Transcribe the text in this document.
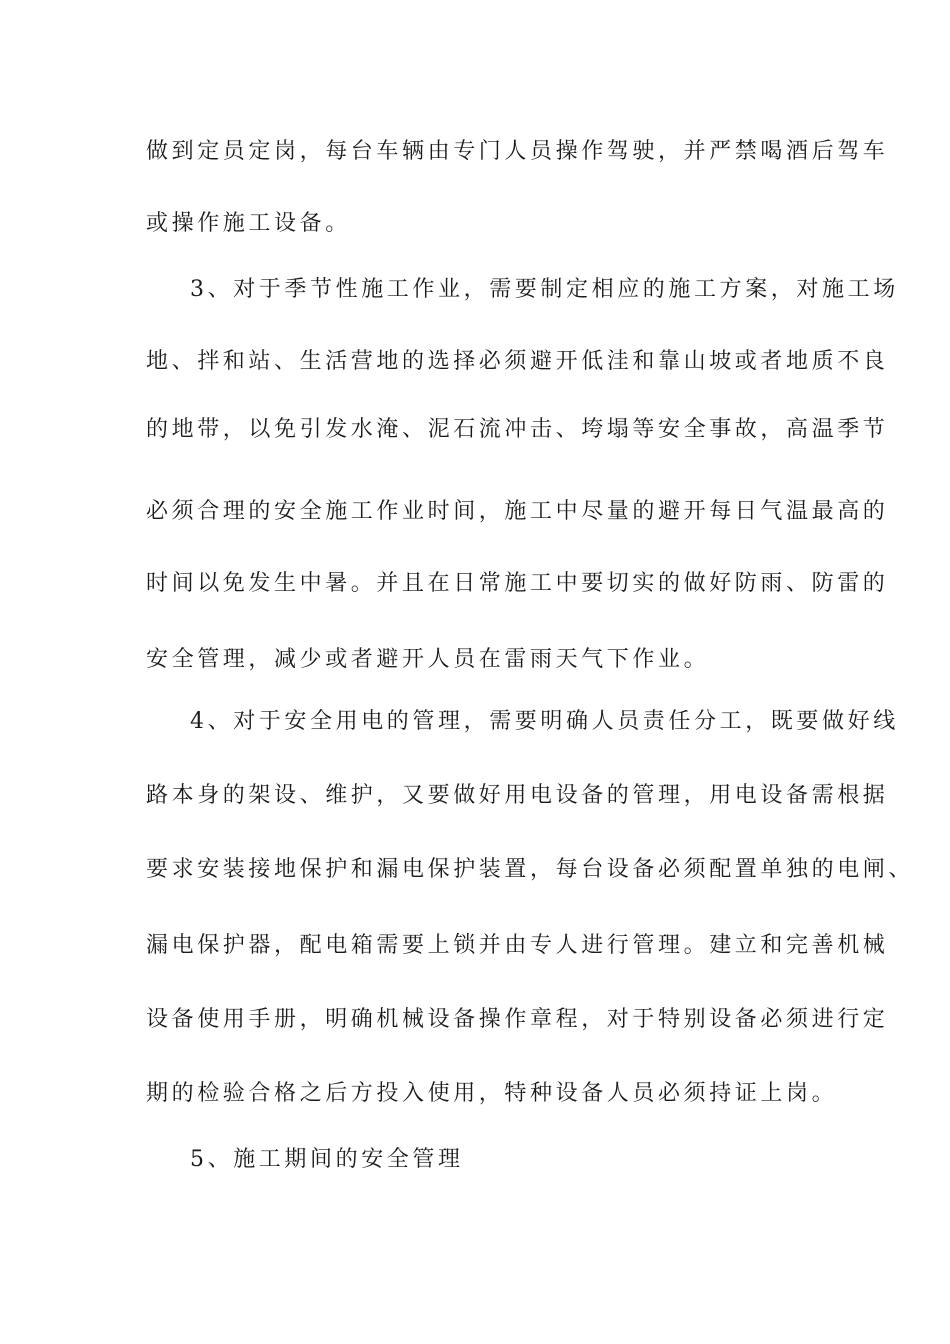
做到定员定岗，每台车辆由专门人员操作驾驶，并严禁喝酒后驾车
或操作施工设备。
3、对于季节性施工作业，需要制定相应的施工方案，对施工场
地、拌和站、生活营地的选择必须避开低洼和靠山坡或者地质不良
的地带，以免引发水淹、泥石流冲击、垮塌等安全事故，高温季节
必须合理的安全施工作业时间，施工中尽量的避开每日气温最高的
时间以免发生中暑。并且在日常施工中要切实的做好防雨、防雷的
安全管理，减少或者避开人员在雷雨天气下作业。
4、对于安全用电的管理，需要明确人员责任分工，既要做好线
路本身的架设、维护，又要做好用电设备的管理，用电设备需根据
要求安装接地保护和漏电保护装置，每台设备必须配置单独的电闸、
漏电保护器，配电箱需要上锁并由专人进行管理。建立和完善机械
设备使用手册，明确机械设备操作章程，对于特别设备必须进行定
期的检验合格之后方投入使用，特种设备人员必须持证上岗。
5、施工期间的安全管理
